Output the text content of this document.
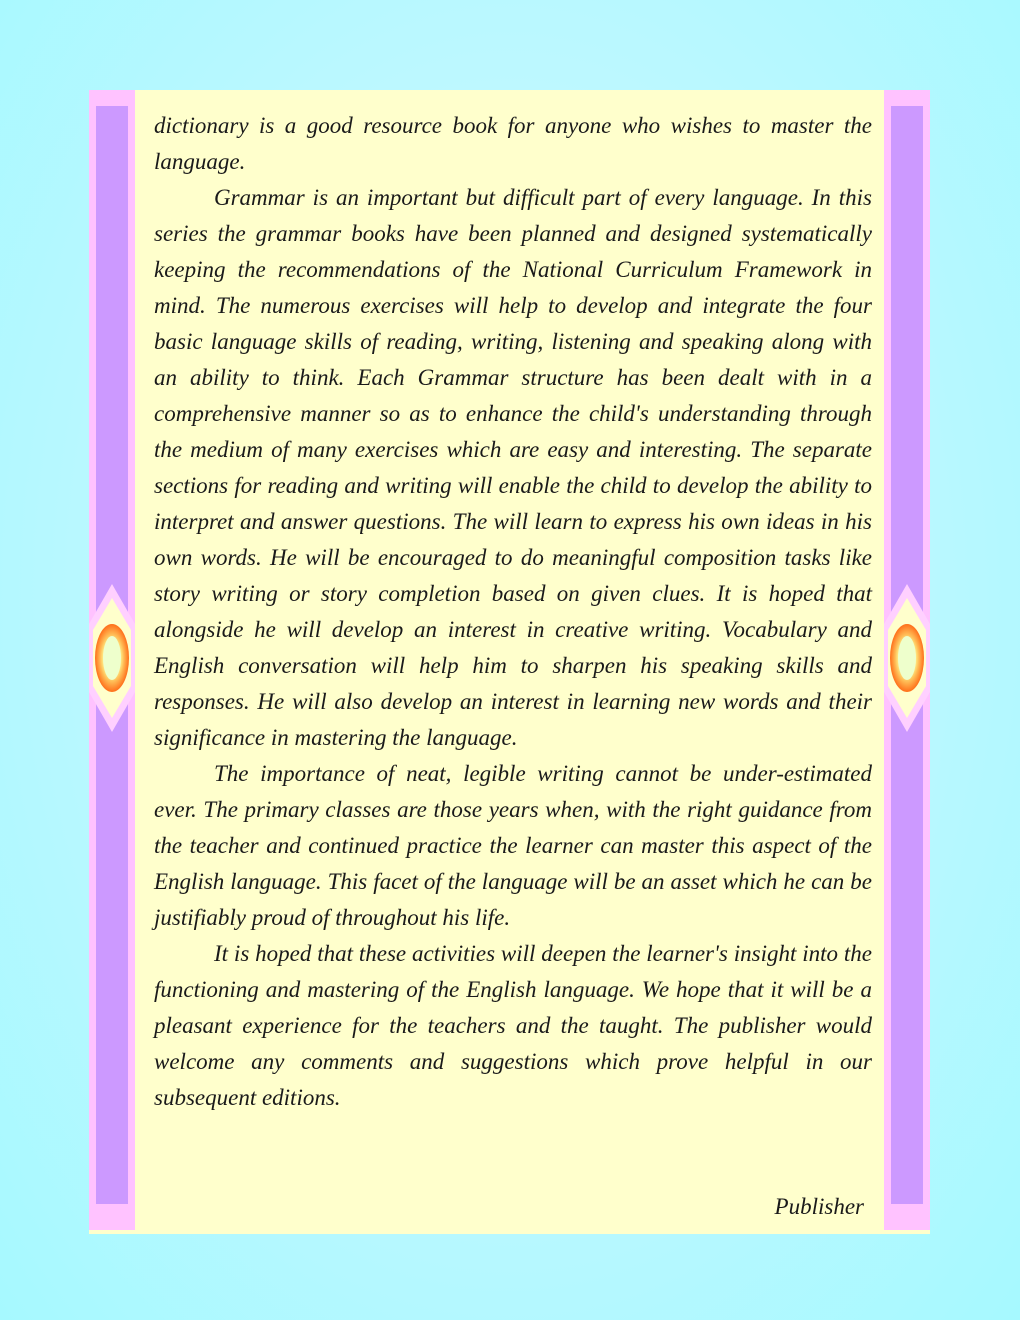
dictionary is a good resource book for anyone who wishes to master the language.

Grammar is an important but difficult part of every language. In this series the grammar books have been planned and designed systematically keeping the recommendations of the National Curriculum Framework in mind. The numerous exercises will help to develop and integrate the four basic language skills of reading, writing, listening and speaking along with an ability to think. Each Grammar structure has been dealt with in a comprehensive manner so as to enhance the child's understanding through the medium of many exercises which are easy and interesting. The separate sections for reading and writing will enable the child to develop the ability to interpret and answer questions. The will learn to express his own ideas in his own words. He will be encouraged to do meaningful composition tasks like story writing or story completion based on given clues. It is hoped that alongside he will develop an interest in creative writing. Vocabulary and English conversation will help him to sharpen his speaking skills and responses. He will also develop an interest in learning new words and their significance in mastering the language.

The importance of neat, legible writing cannot be under-estimated ever. The primary classes are those years when, with the right guidance from the teacher and continued practice the learner can master this aspect of the English language. This facet of the language will be an asset which he can be justifiably proud of throughout his life.

It is hoped that these activities will deepen the learner's insight into the functioning and mastering of the English language. We hope that it will be a pleasant experience for the teachers and the taught. The publisher would welcome any comments and suggestions which prove helpful in our subsequent editions.

Publisher
